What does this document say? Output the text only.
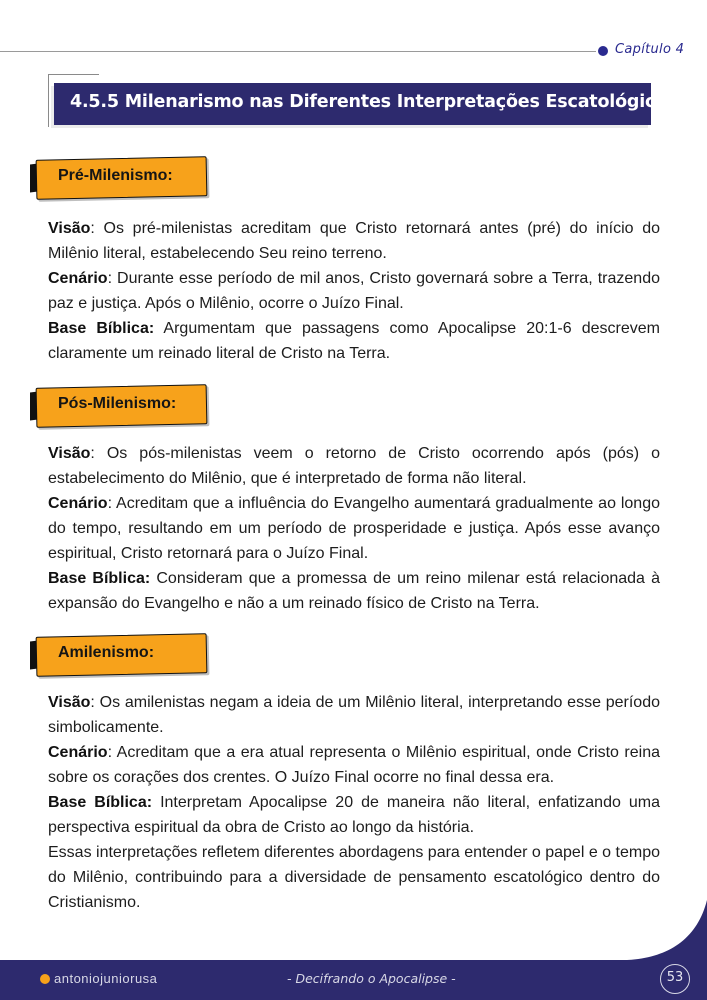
Capítulo 4
4.5.5 Milenarismo nas Diferentes Interpretações Escatológicas:
Pré-Milenismo:

Visão: Os pré-milenistas acreditam que Cristo retornará antes (pré) do início do Milênio literal, estabelecendo Seu reino terreno.

Cenário: Durante esse período de mil anos, Cristo governará sobre a Terra, trazendo paz e justiça. Após o Milênio, ocorre o Juízo Final.

Base Bíblica: Argumentam que passagens como Apocalipse 20:1-6 descrevem claramente um reinado literal de Cristo na Terra.

Pós-Milenismo:

Visão: Os pós-milenistas veem o retorno de Cristo ocorrendo após (pós) o estabelecimento do Milênio, que é interpretado de forma não literal.

Cenário: Acreditam que a influência do Evangelho aumentará gradualmente ao longo do tempo, resultando em um período de prosperidade e justiça. Após esse avanço espiritual, Cristo retornará para o Juízo Final.

Base Bíblica: Consideram que a promessa de um reino milenar está relacionada à expansão do Evangelho e não a um reinado físico de Cristo na Terra.

Amilenismo:

Visão: Os amilenistas negam a ideia de um Milênio literal, interpretando esse período simbolicamente.

Cenário: Acreditam que a era atual representa o Milênio espiritual, onde Cristo reina sobre os corações dos crentes. O Juízo Final ocorre no final dessa era.

Base Bíblica: Interpretam Apocalipse 20 de maneira não literal, enfatizando uma perspectiva espiritual da obra de Cristo ao longo da história.

Essas interpretações refletem diferentes abordagens para entender o papel e o tempo do Milênio, contribuindo para a diversidade de pensamento escatológico dentro do Cristianismo.

antoniojuniorusa	- Decifrando o Apocalipse -	53
